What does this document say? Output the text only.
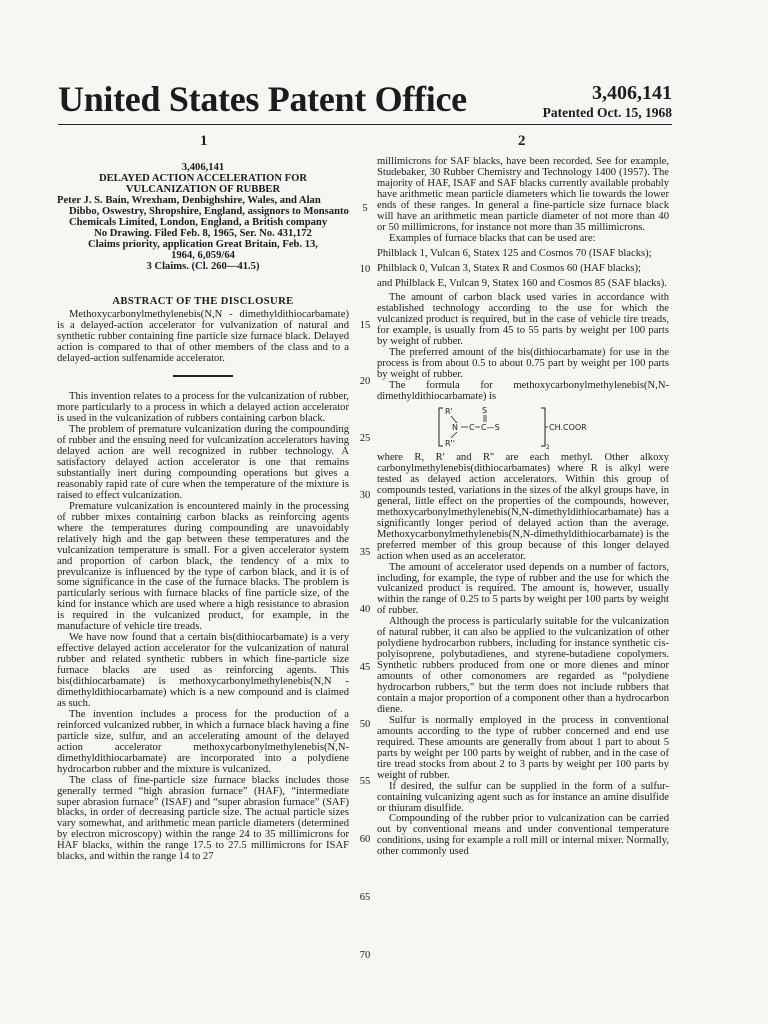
United States Patent Office	3,406,141
Patented Oct. 15, 1968
1	2
3,406,141
DELAYED ACTION ACCELERATION FOR VULCANIZATION OF RUBBER
Peter J. S. Bain, Wrexham, Denbighshire, Wales, and Alan Dibbo, Oswestry, Shropshire, England, assignors to Monsanto Chemicals Limited, London, England, a British company
No Drawing. Filed Feb. 8, 1965, Ser. No. 431,172
Claims priority, application Great Britain, Feb. 13, 1964, 6,059/64
3 Claims. (Cl. 260—41.5)
ABSTRACT OF THE DISCLOSURE

Methoxycarbonylmethylenebis(N,N - dimethyldithiocarbamate) is a delayed-action accelerator for vulvanization of natural and synthetic rubber containing fine particle size furnace black. Delayed action is compared to that of other members of the class and to a delayed-action sulfenamide accelerator.

This invention relates to a process for the vulcanization of rubber, more particularly to a process in which a delayed action accelerator is used in the vulcanization of rubbers containing carbon black.

The problem of premature vulcanization during the compounding of rubber and the ensuing need for vulcanization accelerators having delayed action are well recognized in rubber technology. A satisfactory delayed action accelerator is one that remains substantially inert during compounding operations but gives a reasonably rapid rate of cure when the temperature of the mixture is raised to effect vulcanization.

Premature vulcanization is encountered mainly in the processing of rubber mixes containing carbon blacks as reinforcing agents where the temperatures during compounding are unavoidably relatively high and the gap between these temperatures and the vulcanization temperature is small. For a given accelerator system and proportion of carbon black, the tendency of a mix to prevulcanize is influenced by the type of carbon black, and it is of some significance in the case of the furnace blacks. The problem is particularly serious with furnace blacks of fine particle size, of the kind for instance which are used where a high resistance to abrasion is required in the vulcanized product, for example, in the manufacture of vehicle tire treads.

We have now found that a certain bis(dithiocarbamate) is a very effective delayed action accelerator for the vulcanization of natural rubber and related synthetic rubbers in which fine-particle size furnace blacks are used as reinforcing agents. This bis(dithiocarbamate) is methoxycarbonylmethylenebis(N,N - dimethyldithiocarbamate) which is a new compound and is claimed as such.

The invention includes a process for the production of a reinforced vulcanized rubber, in which a furnace black having a fine particle size, sulfur, and an accelerating amount of the delayed action accelerator methoxycarbonylmethylenebis(N,N-dimethyldithiocarbamate) are incorporated into a polydiene hydrocarbon rubber and the mixture is vulcanized.

The class of fine-particle size furnace blacks includes those generally termed “high abrasion furnace” (HAF), “intermediate super abrasion furnace” (ISAF) and “super abrasion furnace” (SAF) blacks, in order of decreasing particle size. The actual particle sizes vary somewhat, and arithmetic mean particle diameters (determined by electron microscopy) within the range 24 to 35 millimicrons for HAF blacks, within the range 17.5 to 27.5 millimicrons for ISAF blacks, and within the range 14 to 27

5
10
15
20
25
30
35
40
45
50
55
60
65
70

millimicrons for SAF blacks, have been recorded. See for example, Studebaker, 30 Rubber Chemistry and Technology 1400 (1957). The majority of HAF, ISAF and SAF blacks currently available probably have arithmetic mean particle diameters which lie towards the lower ends of these ranges. In general a fine-particle size furnace black will have an arithmetic mean particle diameter of not more than 40 or 50 millimicrons, for instance not more than 35 millimicrons.

Examples of furnace blacks that can be used are:

Philblack 1, Vulcan 6, Statex 125 and Cosmos 70 (ISAF blacks);
Philblack 0, Vulcan 3, Statex R and Cosmos 60 (HAF blacks);
and Philblack E, Vulcan 9, Statex 160 and Cosmos 85 (SAF blacks).

The amount of carbon black used varies in accordance with established technology according to the use for which the vulcanized product is required, but in the case of vehicle tire treads, for example, is usually from 45 to 55 parts by weight per 100 parts by weight of rubber.

The preferred amount of the bis(dithiocarbamate) for use in the process is from about 0.5 to about 0.75 part by weight per 100 parts by weight of rubber.

The formula for methoxycarbonylmethylenebis(N,N-dimethyldithiocarbamate) is

R'
N
R''
C
S
C—S	CH.COOR
2

where R, R' and R'' are each methyl. Other alkoxy carbonylmethylenebis(dithiocarbamates) where R is alkyl were tested as delayed action accelerators. Within this group of compounds tested, variations in the sizes of the alkyl groups have, in general, little effect on the properties of the compounds, however, methoxycarbonylmethylenebis(N,N-dimethyldithiocarbamate) has a significantly longer period of delayed action than the average. Methoxycarbonylmethylenebis(N,N-dimethyldithiocarbamate) is the preferred member of this group because of this longer delayed action when used as an accelerator.

The amount of accelerator used depends on a number of factors, including, for example, the type of rubber and the use for which the vulcanized product is required. The amount is, however, usually within the range of 0.25 to 5 parts by weight per 100 parts by weight of rubber.

Although the process is particularly suitable for the vulcanization of natural rubber, it can also be applied to the vulcanization of other polydiene hydrocarbon rubbers, including for instance synthetic cis-polyisoprene, polybutadienes, and styrene-butadiene copolymers. Synthetic rubbers produced from one or more dienes and minor amounts of other comonomers are regarded as “polydiene hydrocarbon rubbers,” but the term does not include rubbers that contain a major proportion of a component other than a hydrocarbon diene.

Sulfur is normally employed in the process in conventional amounts according to the type of rubber concerned and end use required. These amounts are generally from about 1 part to about 5 parts by weight per 100 parts by weight of rubber, and in the case of tire tread stocks from about 2 to 3 parts by weight per 100 parts by weight of rubber.

If desired, the sulfur can be supplied in the form of a sulfur-containing vulcanizing agent such as for instance an amine disulfide or thiuram disulfide.

Compounding of the rubber prior to vulcanization can be carried out by conventional means and under conventional temperature conditions, using for example a roll mill or internal mixer. Normally, other commonly used
